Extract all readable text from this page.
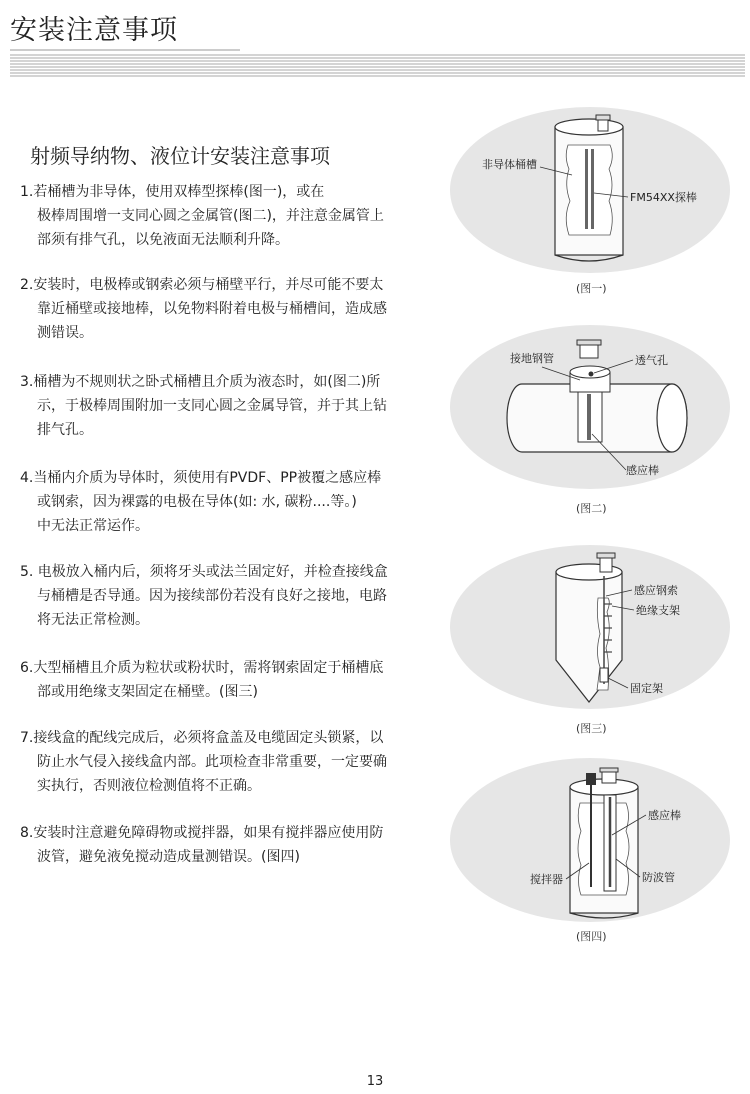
安装注意事项
射频导纳物、液位计安装注意事项
1.若桶槽为非导体，使用双棒型探棒(图一)，或在
极棒周围增一支同心圆之金属管(图二)，并注意金属管上
部须有排气孔，以免液面无法顺利升降。
2.安装时，电极棒或钢索必须与桶壁平行，并尽可能不要太
靠近桶壁或接地棒，以免物料附着电极与桶槽间，造成感
测错误。
3.桶槽为不规则状之卧式桶槽且介质为液态时，如(图二)所
示，于极棒周围附加一支同心圆之金属导管，并于其上钻
排气孔。
4.当桶内介质为导体时，须使用有PVDF、PP被覆之感应棒
或钢索，因为裸露的电极在导体(如: 水, 碳粉....等。)
中无法正常运作。
5. 电极放入桶内后，须将牙头或法兰固定好，并检查接线盒
与桶槽是否导通。因为接续部份若没有良好之接地，电路
将无法正常检测。
6.大型桶槽且介质为粒状或粉状时，需将钢索固定于桶槽底
部或用绝缘支架固定在桶壁。(图三)
7.接线盒的配线完成后，必须将盒盖及电缆固定头锁紧，以
防止水气侵入接线盒内部。此项检查非常重要，一定要确
实执行，否则液位检测值将不正确。
8.安装时注意避免障碍物或搅拌器，如果有搅拌器应使用防
波管，避免液免搅动造成量测错误。(图四)
非导体桶槽
FM54XX探棒
(图一)
接地钢管	透气孔
感应棒
(图二)
感应钢索
绝缘支架
固定架
(图三)
感应棒
搅拌器	防波管
(图四)
13
